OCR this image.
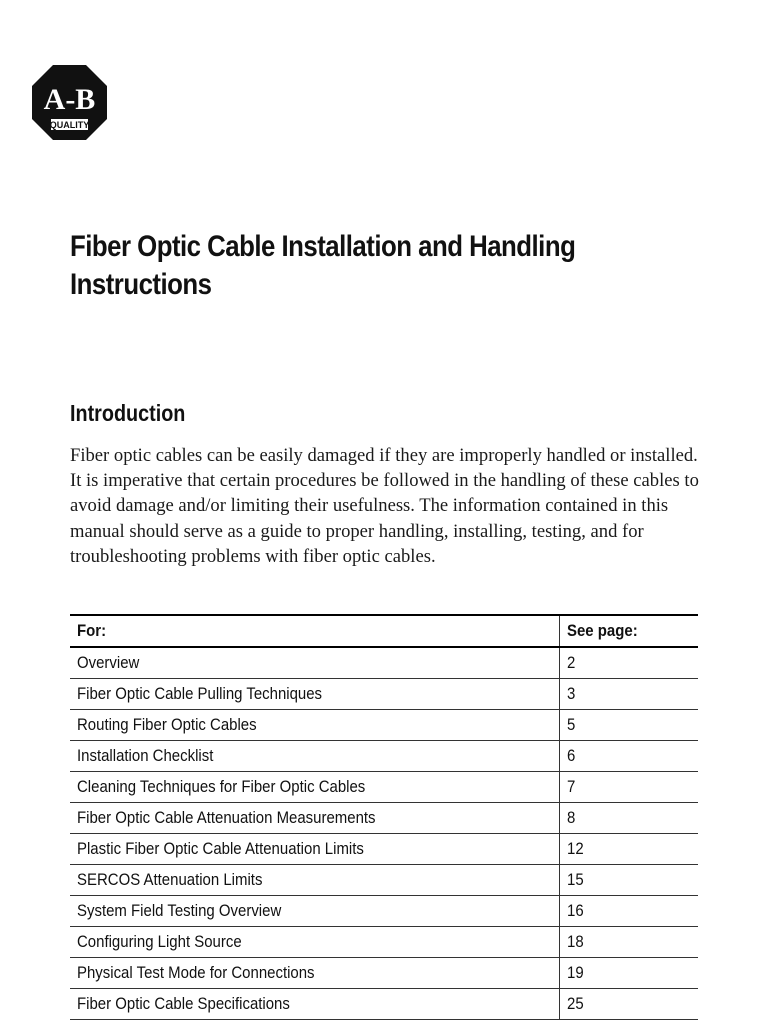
A-B
QUALITY
Fiber Optic Cable Installation and Handling Instructions
Introduction

Fiber optic cables can be easily damaged if they are improperly handled or installed. It is imperative that certain procedures be followed in the handling of these cables to avoid damage and/or limiting their usefulness. The information contained in this manual should serve as a guide to proper handling, installing, testing, and for troubleshooting problems with fiber optic cables.

For:	See page:
Overview	2
Fiber Optic Cable Pulling Techniques	3
Routing Fiber Optic Cables	5
Installation Checklist	6
Cleaning Techniques for Fiber Optic Cables	7
Fiber Optic Cable Attenuation Measurements	8
Plastic Fiber Optic Cable Attenuation Limits	12
SERCOS Attenuation Limits	15
System Field Testing Overview	16
Configuring Light Source	18
Physical Test Mode for Connections	19
Fiber Optic Cable Specifications	25
